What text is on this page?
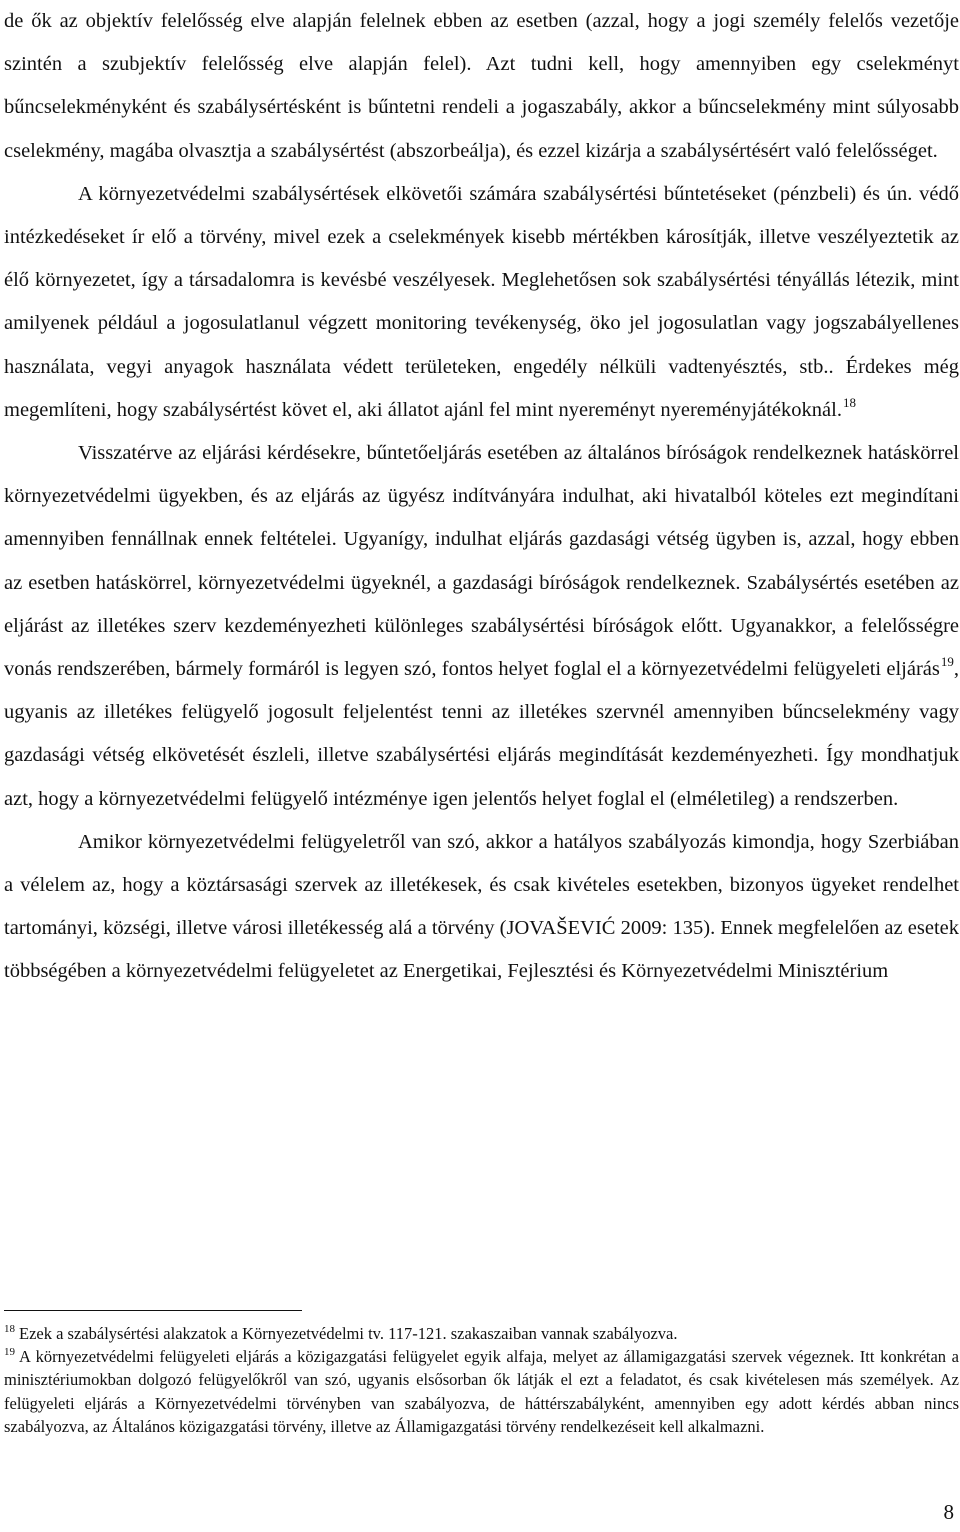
de ők az objektív felelősség elve alapján felelnek ebben az esetben (azzal, hogy a jogi személy felelős vezetője szintén a szubjektív felelősség elve alapján felel). Azt tudni kell, hogy amennyiben egy cselekményt bűncselekményként és szabálysértésként is bűntetni rendeli a jogaszabály, akkor a bűncselekmény mint súlyosabb cselekmény, magába olvasztja a szabálysértést (abszorbeálja), és ezzel kizárja a szabálysértésért való felelősséget.

A környezetvédelmi szabálysértések elkövetői számára szabálysértési bűntetéseket (pénzbeli) és ún. védő intézkedéseket ír elő a törvény, mivel ezek a cselekmények kisebb mértékben károsítják, illetve veszélyeztetik az élő környezetet, így a társadalomra is kevésbé veszélyesek. Meglehetősen sok szabálysértési tényállás létezik, mint amilyenek például a jogosulatlanul végzett monitoring tevékenység, öko jel jogosulatlan vagy jogszabályellenes használata, vegyi anyagok használata védett területeken, engedély nélküli vadtenyésztés, stb.. Érdekes még megemlíteni, hogy szabálysértést követ el, aki állatot ajánl fel mint nyereményt nyereményjátékoknál.$^{18}$

Visszatérve az eljárási kérdésekre, bűntetőeljárás esetében az általános bíróságok rendelkeznek hatáskörrel környezetvédelmi ügyekben, és az eljárás az ügyész indítványára indulhat, aki hivatalból köteles ezt megindítani amennyiben fennállnak ennek feltételei. Ugyanígy, indulhat eljárás gazdasági vétség ügyben is, azzal, hogy ebben az esetben hatáskörrel, környezetvédelmi ügyeknél, a gazdasági bíróságok rendelkeznek. Szabálysértés esetében az eljárást az illetékes szerv kezdeményezheti különleges szabálysértési bíróságok előtt. Ugyanakkor, a felelősségre vonás rendszerében, bármely formáról is legyen szó, fontos helyet foglal el a környezetvédelmi felügyeleti eljárás$^{19}$, ugyanis az illetékes felügyelő jogosult feljelentést tenni az illetékes szervnél amennyiben bűncselekmény vagy gazdasági vétség elkövetését észleli, illetve szabálysértési eljárás megindítását kezdeményezheti. Így mondhatjuk azt, hogy a környezetvédelmi felügyelő intézménye igen jelentős helyet foglal el (elméletileg) a rendszerben.

Amikor környezetvédelmi felügyeletről van szó, akkor a hatályos szabályozás kimondja, hogy Szerbiában a vélelem az, hogy a köztársasági szervek az illetékesek, és csak kivételes esetekben, bizonyos ügyeket rendelhet tartományi, községi, illetve városi illetékesség alá a törvény (JOVAŠEVIĆ 2009: 135). Ennek megfelelően az esetek többségében a környezetvédelmi felügyeletet az Energetikai, Fejlesztési és Környezetvédelmi Minisztérium

$^{18}$ Ezek a szabálysértési alakzatok a Környezetvédelmi tv. 117-121. szakaszaiban vannak szabályozva.

$^{19}$ A környezetvédelmi felügyeleti eljárás a közigazgatási felügyelet egyik alfaja, melyet az államigazgatási szervek végeznek. Itt konkrétan a minisztériumokban dolgozó felügyelőkről van szó, ugyanis elsősorban ők látják el ezt a feladatot, és csak kivételesen más személyek. Az felügyeleti eljárás a Környezetvédelmi törvényben van szabályozva, de háttérszabályként, amennyiben egy adott kérdés abban nincs szabályozva, az Általános közigazgatási törvény, illetve az Államigazgatási törvény rendelkezéseit kell alkalmazni.

8
